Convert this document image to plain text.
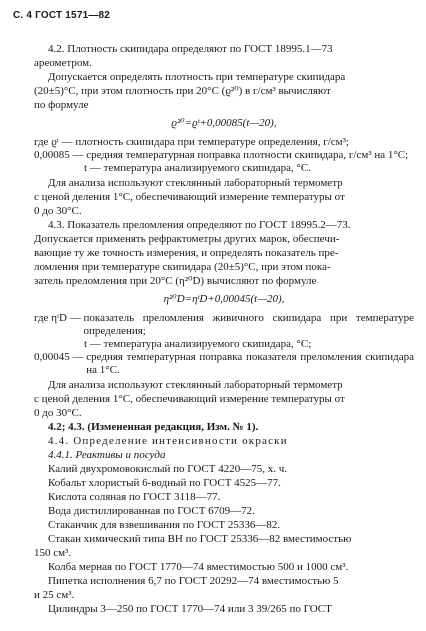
С. 4 ГОСТ 1571—82

4.2. Плотность скипидара определяют по ГОСТ 18995.1—73

ареометром.

Допускается определять плотность при температуре скипидара

(20±5)°С, при этом плотность при 20°С (ϱ²⁰) в г/см³ вычисляют

по формуле

ϱ²⁰=ϱᵗ+0,00085(t—20),
где ϱᵗ — плотность скипидара при температуре определения, г/см³;
0,00085 — средняя температурная поправка плотности скипидара, г/см³ на 1°С;
t — температура анализируемого скипидара, °С.

Для анализа используют стеклянный лабораторный термометр

с ценой деления 1°С, обеспечивающий измерение температуры от

0 до 30°С.

4.3. Показатель преломления определяют по ГОСТ 18995.2—73.

Допускается применять рефрактометры других марок, обеспечи-

вающие ту же точность измерения, и определять показатель пре-

ломления при температуре скипидара (20±5)°С, при этом пока-

затель преломления при 20°С (η²⁰D) вычисляют по формуле

η²⁰D=ηᵗD+0,00045(t—20),
где ηᵗD — показатель преломления живичного скипидара при температуре определения;
t — температура анализируемого скипидара, °С;
0,00045 — средняя температурная поправка показателя преломления скипидара на 1°С.

Для анализа используют стеклянный лабораторный термометр

с ценой деления 1°С, обеспечивающий измерение температуры от

0 до 30°С.

4.2; 4.3. (Измененная редакция, Изм. № 1).

4.4. Определение интенсивности окраски

4.4.1. Реактивы и посуда

Калий двухромовокислый по ГОСТ 4220—75, х. ч.

Кобальт хлористый 6-водный по ГОСТ 4525—77.

Кислота соляная по ГОСТ 3118—77.

Вода дистиллированная по ГОСТ 6709—72.

Стаканчик для взвешивания по ГОСТ 25336—82.

Стакан химический типа ВН по ГОСТ 25336—82 вместимостью

150 см³.

Колба мерная по ГОСТ 1770—74 вместимостью 500 и 1000 см³.

Пипетка исполнения 6,7 по ГОСТ 20292—74 вместимостью 5

и 25 см³.

Цилиндры 3—250 по ГОСТ 1770—74 или 3 39/265 по ГОСТ
